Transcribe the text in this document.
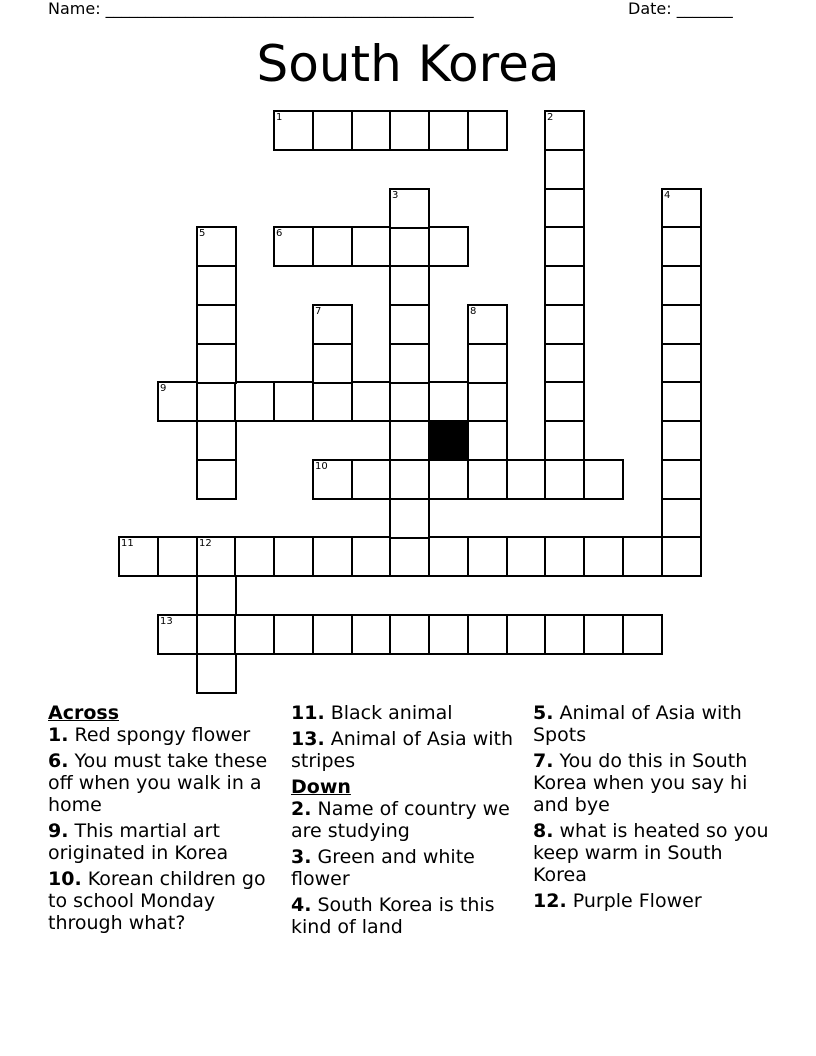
Name: ______________________________________________	Date: _______
South Korea
1
6
9
10
11	12
13
2
3	4
5
7	8
Across
1. Red spongy flower
6. You must take these off when you walk in a home
9. This martial art originated in Korea
10. Korean children go to school Monday through what?
11. Black animal
13. Animal of Asia with stripes
Down
2. Name of country we are studying
3. Green and white flower
4. South Korea is this kind of land
5. Animal of Asia with Spots
7. You do this in South Korea when you say hi and bye
8. what is heated so you keep warm in South Korea
12. Purple Flower
